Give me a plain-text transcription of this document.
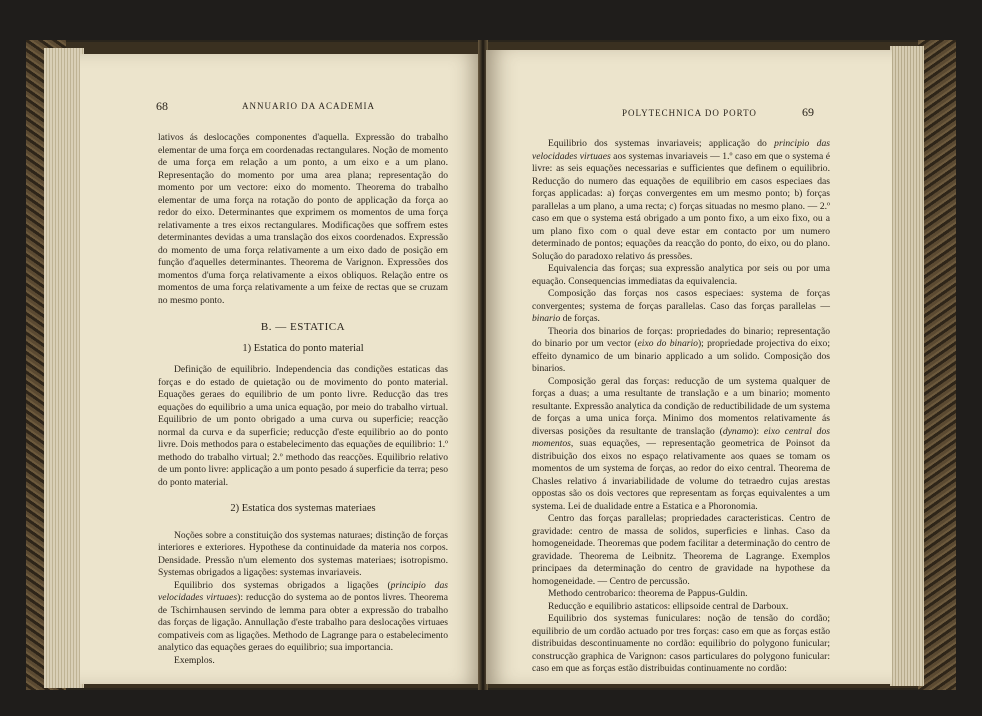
68	ANNUARIO DA ACADEMIA

lativos ás deslocações componentes d'aquella. Expressão do trabalho elementar de uma força em coordenadas rectangulares. Noção de momento de uma força em relação a um ponto, a um eixo e a um plano. Representação do momento por uma area plana; representação do momento por um vectore: eixo do momento. Theorema do trabalho elementar de uma força na rotação do ponto de applicação da força ao redor do eixo. Determinantes que exprimem os momentos de uma força relativamente a tres eixos rectangulares. Modificações que soffrem estes determinantes devidas a uma translação dos eixos coordenados. Expressão do momento de uma força relativamente a um eixo dado de posição em função d'aquelles determinantes. Theorema de Varignon. Expressões dos momentos d'uma força relativamente a eixos obliquos. Relação entre os momentos de uma força relativamente a um feixe de rectas que se cruzam no mesmo ponto.

B. — ESTATICA

1) Estatica do ponto material

Definição de equilibrio. Independencia das condições estaticas das forças e do estado de quietação ou de movimento do ponto material. Equações geraes do equilibrio de um ponto livre. Reducção das tres equações do equilibrio a uma unica equação, por meio do trabalho virtual. Equilibrio de um ponto obrigado a uma curva ou superficie; reacção normal da curva e da superficie; reducção d'este equilibrio ao do ponto livre. Dois methodos para o estabelecimento das equações de equilibrio: 1.º methodo do trabalho virtual; 2.º methodo das reacções. Equilibrio relativo de um ponto livre: applicação a um ponto pesado á superficie da terra; peso do ponto material.

2) Estatica dos systemas materiaes

Noções sobre a constituição dos systemas naturaes; distinção de forças interiores e exteriores. Hypothese da continuidade da materia nos corpos. Densidade. Pressão n'um elemento dos systemas materiaes; isotropismo. Systemas obrigados a ligações: systemas invariaveis.

Equilibrio dos systemas obrigados a ligações (principio das velocidades virtuaes): reducção do systema ao de pontos livres. Theorema de Tschirnhausen servindo de lemma para obter a expressão do trabalho das forças de ligação. Annullação d'este trabalho para deslocações virtuaes compativeis com as ligações. Methodo de Lagrange para o estabelecimento analytico das equações geraes do equilibrio; sua importancia.

Exemplos.

POLYTECHNICA DO PORTO	69

Equilibrio dos systemas invariaveis; applicação do principio das velocidades virtuaes aos systemas invariaveis — 1.º caso em que o systema é livre: as seis equações necessarias e sufficientes que definem o equilibrio. Reducção do numero das equações de equilibrio em casos especiaes das forças applicadas: a) forças convergentes em um mesmo ponto; b) forças parallelas a um plano, a uma recta; c) forças situadas no mesmo plano. — 2.º caso em que o systema está obrigado a um ponto fixo, a um eixo fixo, ou a um plano fixo com o qual deve estar em contacto por um numero determinado de pontos; equações da reacção do ponto, do eixo, ou do plano. Solução do paradoxo relativo ás pressões.

Equivalencia das forças; sua expressão analytica por seis ou por uma equação. Consequencias immediatas da equivalencia.

Composição das forças nos casos especiaes: systema de forças convergentes; systema de forças parallelas. Caso das forças parallelas — binario de forças.

Theoria dos binarios de forças: propriedades do binario; representação do binario por um vector (eixo do binario); propriedade projectiva do eixo; effeito dynamico de um binario applicado a um solido. Composição dos binarios.

Composição geral das forças: reducção de um systema qualquer de forças a duas; a uma resultante de translação e a um binario; momento resultante. Expressão analytica da condição de reductibilidade de um systema de forças a uma unica força. Minimo dos momentos relativamente ás diversas posições da resultante de translação (dynamo): eixo central dos momentos, suas equações, — representação geometrica de Poinsot da distribuição dos eixos no espaço relativamente aos quaes se tomam os momentos de um systema de forças, ao redor do eixo central. Theorema de Chasles relativo á invariabilidade de volume do tetraedro cujas arestas oppostas são os dois vectores que representam as forças equivalentes a um systema. Lei de dualidade entre a Estatica e a Phoronomia.

Centro das forças parallelas; propriedades caracteristicas. Centro de gravidade: centro de massa de solidos, superficies e linhas. Caso da homogeneidade. Theoremas que podem facilitar a determinação do centro de gravidade. Theorema de Leibnitz. Theorema de Lagrange. Exemplos principaes da determinação do centro de gravidade na hypothese da homogeneidade. — Centro de percussão.

Methodo centrobarico: theorema de Pappus-Guldin.

Reducção e equilibrio astaticos: ellipsoide central de Darboux.

Equilibrio dos systemas funiculares: noção de tensão do cordão; equilibrio de um cordão actuado por tres forças: caso em que as forças estão distribuidas descontinuamente no cordão: equilibrio do polygono funicular; construcção graphica de Varignon: casos particulares do polygono funicular: caso em que as forças estão distribuidas continuamente no cordão:
